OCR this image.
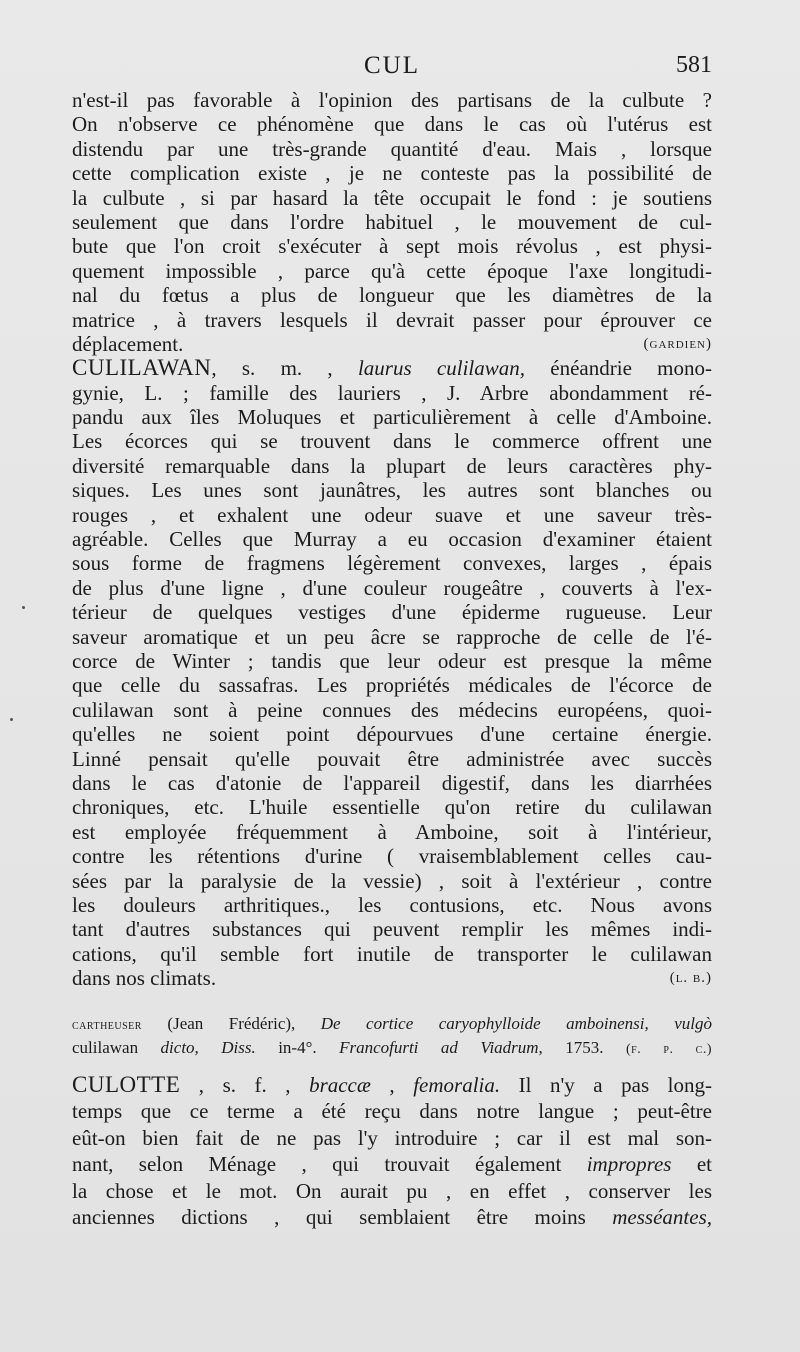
CUL	581
n'est-il pas favorable à l'opinion des partisans de la culbute ?
On n'observe ce phénomène que dans le cas où l'utérus est
distendu par une très-grande quantité d'eau. Mais , lorsque
cette complication existe , je ne conteste pas la possibilité de
la culbute , si par hasard la tête occupait le fond : je soutiens
seulement que dans l'ordre habituel , le mouvement de cul-
bute que l'on croit s'exécuter à sept mois révolus , est physi-
quement impossible , parce qu'à cette époque l'axe longitudi-
nal du fœtus a plus de longueur que les diamètres de la
matrice , à travers lesquels il devrait passer pour éprouver ce
déplacement.	(gardien)
CULILAWAN, s. m. , laurus culilawan, énéandrie mono-
gynie, L. ; famille des lauriers , J. Arbre abondamment ré-
pandu aux îles Moluques et particulièrement à celle d'Amboine.
Les écorces qui se trouvent dans le commerce offrent une
diversité remarquable dans la plupart de leurs caractères phy-
siques. Les unes sont jaunâtres, les autres sont blanches ou
rouges , et exhalent une odeur suave et une saveur très-
agréable. Celles que Murray a eu occasion d'examiner étaient
sous forme de fragmens légèrement convexes, larges , épais
de plus d'une ligne , d'une couleur rougeâtre , couverts à l'ex-
térieur de quelques vestiges d'une épiderme rugueuse. Leur
saveur aromatique et un peu âcre se rapproche de celle de l'é-
corce de Winter ; tandis que leur odeur est presque la même
que celle du sassafras. Les propriétés médicales de l'écorce de
culilawan sont à peine connues des médecins européens, quoi-
qu'elles ne soient point dépourvues d'une certaine énergie.
Linné pensait qu'elle pouvait être administrée avec succès
dans le cas d'atonie de l'appareil digestif, dans les diarrhées
chroniques, etc. L'huile essentielle qu'on retire du culilawan
est employée fréquemment à Amboine, soit à l'intérieur,
contre les rétentions d'urine ( vraisemblablement celles cau-
sées par la paralysie de la vessie) , soit à l'extérieur , contre
les douleurs arthritiques., les contusions, etc. Nous avons
tant d'autres substances qui peuvent remplir les mêmes indi-
cations, qu'il semble fort inutile de transporter le culilawan
dans nos climats.	(l. b.)
cartheuser (Jean Frédéric), De cortice caryophylloide amboinensi, vulgò
culilawan dicto, Diss. in-4°. Francofurti ad Viadrum, 1753. (f. p. c.)
CULOTTE , s. f. , braccæ , femoralia. Il n'y a pas long-
temps que ce terme a été reçu dans notre langue ; peut-être
eût-on bien fait de ne pas l'y introduire ; car il est mal son-
nant, selon Ménage , qui trouvait également impropres et
la chose et le mot. On aurait pu , en effet , conserver les
anciennes dictions , qui semblaient être moins messéantes,
